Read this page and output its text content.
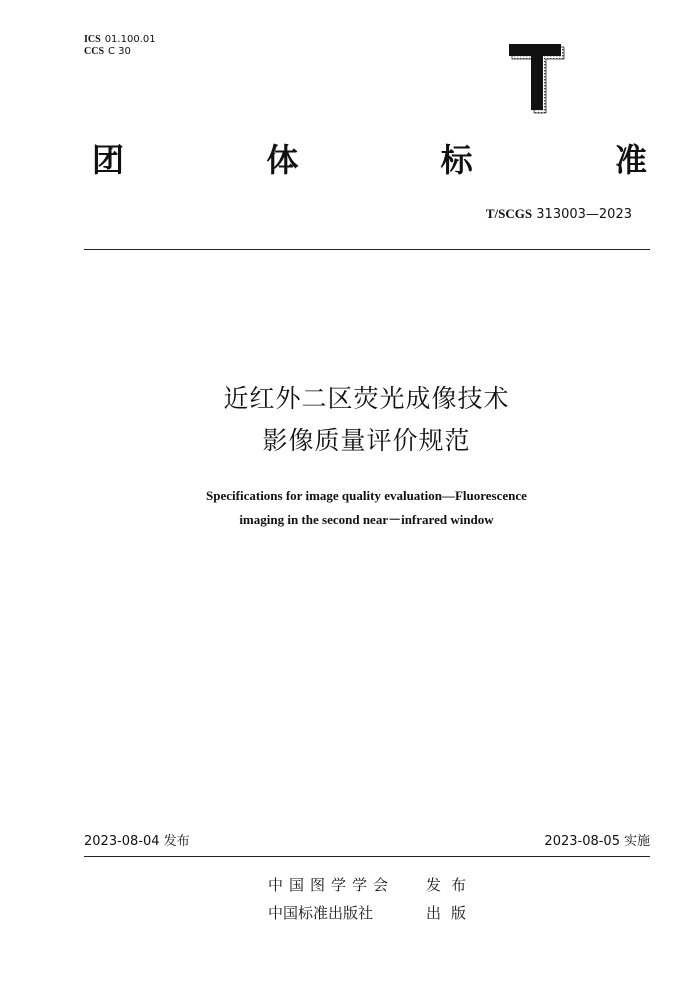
ICS 01.100.01
CCS C 30
T
团	体	标	准
T/SCGS 313003—2023
近红外二区荧光成像技术
影像质量评价规范
Specifications for image quality evaluation—Fluorescence
imaging in the second near－infrared window
2023-08-04 发布	2023-08-05 实施
中国图学学会	发布
中国标准出版社	出版
